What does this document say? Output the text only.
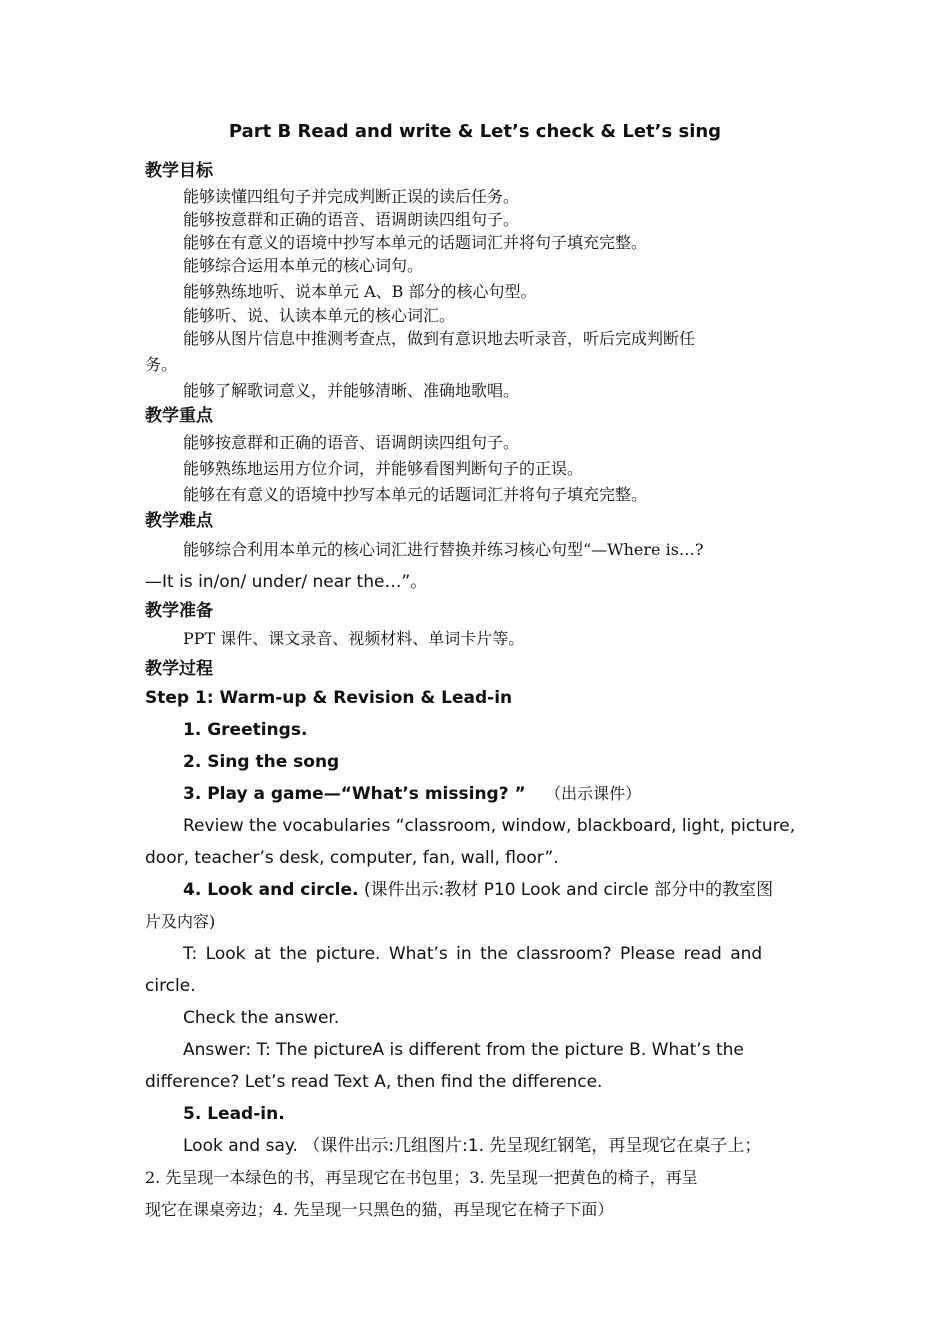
Part B Read and write & Let’s check & Let’s sing
教学目标
能够读懂四组句子并完成判断正误的读后任务。
能够按意群和正确的语音、语调朗读四组句子。
能够在有意义的语境中抄写本单元的话题词汇并将句子填充完整。
能够综合运用本单元的核心词句。
能够熟练地听、说本单元 A、B 部分的核心句型。
能够听、说、认读本单元的核心词汇。
能够从图片信息中推测考查点，做到有意识地去听录音，听后完成判断任
务。
能够了解歌词意义，并能够清晰、准确地歌唱。
教学重点
能够按意群和正确的语音、语调朗读四组句子。
能够熟练地运用方位介词，并能够看图判断句子的正误。
能够在有意义的语境中抄写本单元的话题词汇并将句子填充完整。
教学难点
能够综合利用本单元的核心词汇进行替换并练习核心句型“—Where is…?
—It is in/on/ under/ near the…”。
教学准备
PPT 课件、课文录音、视频材料、单词卡片等。
教学过程
Step 1: Warm-up & Revision & Lead-in
1. Greetings.
2. Sing the song
3. Play a game—“What’s missing? ” （出示课件）
Review the vocabularies “classroom, window, blackboard, light, picture,
door, teacher’s desk, computer, fan, wall, floor”.
4. Look and circle. (课件出示:教材 P10 Look and circle 部分中的教室图
片及内容)
T: Look at the picture. What’s in the classroom? Please read and
circle.
Check the answer.
Answer: T: The pictureA is different from the picture B. What’s the
difference? Let’s read Text A, then find the difference.
5. Lead-in.
Look and say. （课件出示:几组图片:1. 先呈现红钢笔，再呈现它在桌子上；
2. 先呈现一本绿色的书，再呈现它在书包里；3. 先呈现一把黄色的椅子，再呈
现它在课桌旁边；4. 先呈现一只黑色的猫，再呈现它在椅子下面）
